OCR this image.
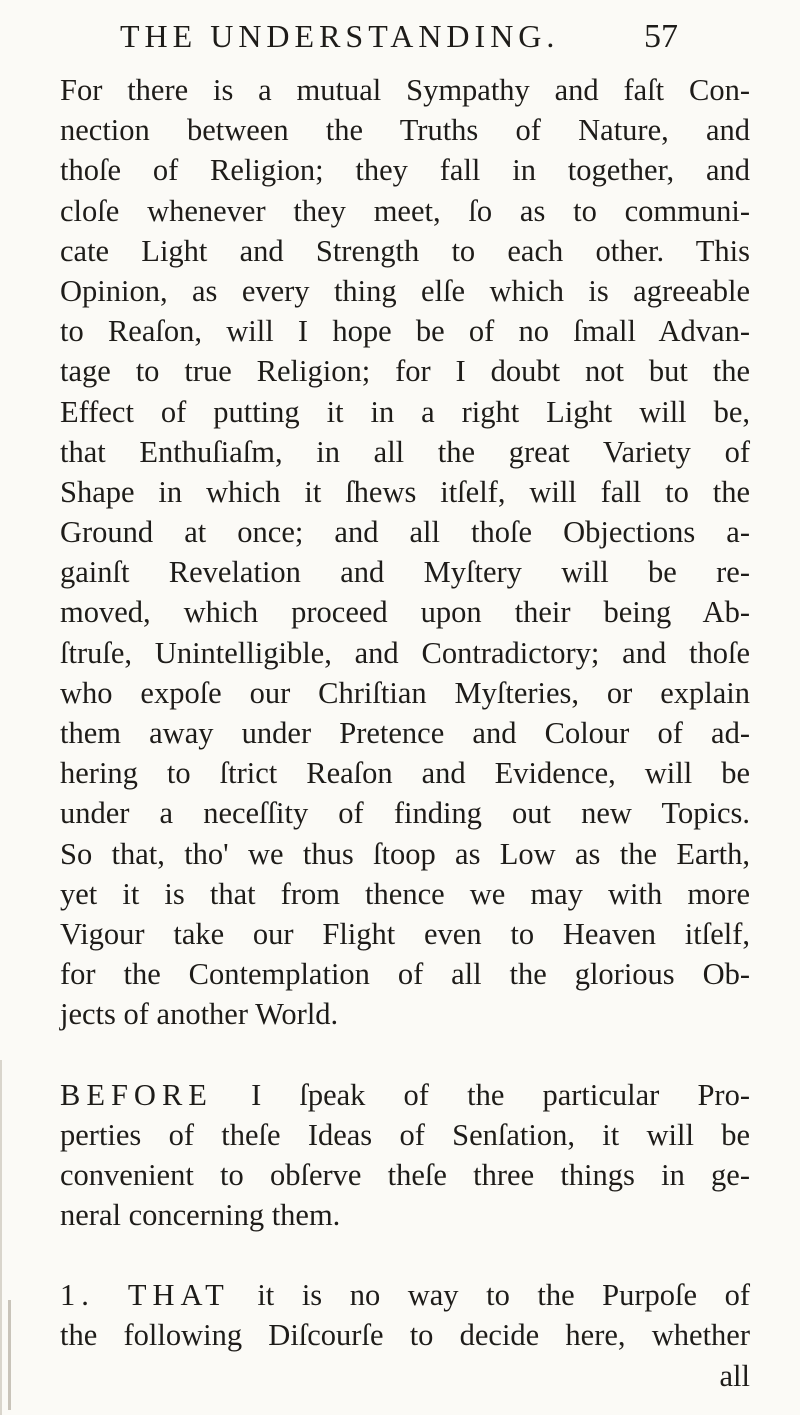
THE UNDERSTANDING. 57
For there is a mutual Sympathy and faſt Con-
nection between the Truths of Nature, and
thoſe of Religion; they fall in together, and
cloſe whenever they meet, ſo as to communi-
cate Light and Strength to each other. This
Opinion, as every thing elſe which is agreeable
to Reaſon, will I hope be of no ſmall Advan-
tage to true Religion; for I doubt not but the
Effect of putting it in a right Light will be,
that Enthuſiaſm, in all the great Variety of
Shape in which it ſhews itſelf, will fall to the
Ground at once; and all thoſe Objections a-
gainſt Revelation and Myſtery will be re-
moved, which proceed upon their being Ab-
ſtruſe, Unintelligible, and Contradictory; and thoſe
who expoſe our Chriſtian Myſteries, or explain
them away under Pretence and Colour of ad-
hering to ſtrict Reaſon and Evidence, will be
under a neceſſity of finding out new Topics.
So that, tho' we thus ſtoop as Low as the Earth,
yet it is that from thence we may with more
Vigour take our Flight even to Heaven itſelf,
for the Contemplation of all the glorious Ob-
jects of another World.
BEFORE I ſpeak of the particular Pro-
perties of theſe Ideas of Senſation, it will be
convenient to obſerve theſe three things in ge-
neral concerning them.
1. THAT it is no way to the Purpoſe of
the following Diſcourſe to decide here, whether
all
